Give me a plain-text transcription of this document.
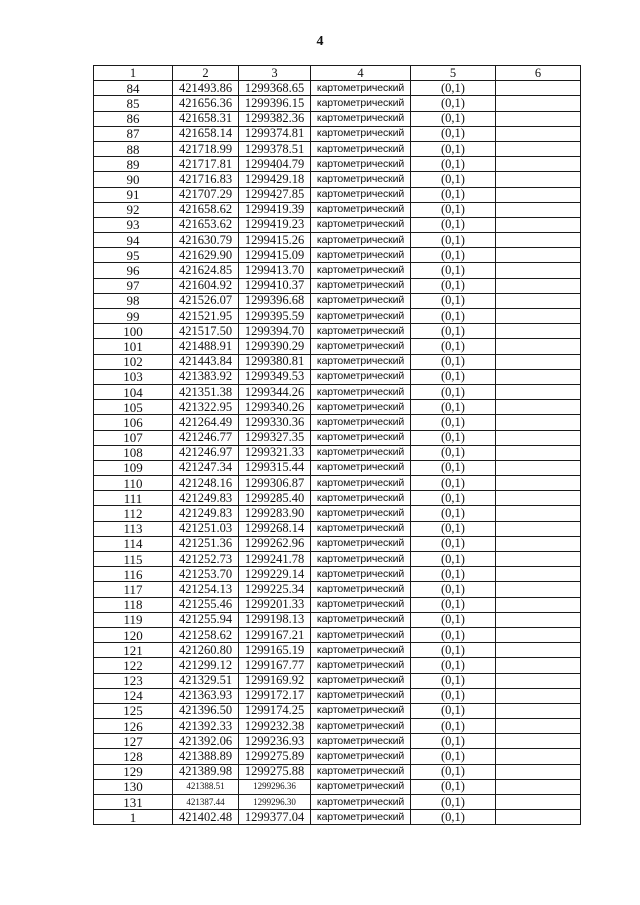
4
1	2	3	4	5	6
84	421493.86	1299368.65	картометрический	(0,1)	
85	421656.36	1299396.15	картометрический	(0,1)	
86	421658.31	1299382.36	картометрический	(0,1)	
87	421658.14	1299374.81	картометрический	(0,1)	
88	421718.99	1299378.51	картометрический	(0,1)	
89	421717.81	1299404.79	картометрический	(0,1)	
90	421716.83	1299429.18	картометрический	(0,1)	
91	421707.29	1299427.85	картометрический	(0,1)	
92	421658.62	1299419.39	картометрический	(0,1)	
93	421653.62	1299419.23	картометрический	(0,1)	
94	421630.79	1299415.26	картометрический	(0,1)	
95	421629.90	1299415.09	картометрический	(0,1)	
96	421624.85	1299413.70	картометрический	(0,1)	
97	421604.92	1299410.37	картометрический	(0,1)	
98	421526.07	1299396.68	картометрический	(0,1)	
99	421521.95	1299395.59	картометрический	(0,1)	
100	421517.50	1299394.70	картометрический	(0,1)	
101	421488.91	1299390.29	картометрический	(0,1)	
102	421443.84	1299380.81	картометрический	(0,1)	
103	421383.92	1299349.53	картометрический	(0,1)	
104	421351.38	1299344.26	картометрический	(0,1)	
105	421322.95	1299340.26	картометрический	(0,1)	
106	421264.49	1299330.36	картометрический	(0,1)	
107	421246.77	1299327.35	картометрический	(0,1)	
108	421246.97	1299321.33	картометрический	(0,1)	
109	421247.34	1299315.44	картометрический	(0,1)	
110	421248.16	1299306.87	картометрический	(0,1)	
111	421249.83	1299285.40	картометрический	(0,1)	
112	421249.83	1299283.90	картометрический	(0,1)	
113	421251.03	1299268.14	картометрический	(0,1)	
114	421251.36	1299262.96	картометрический	(0,1)	
115	421252.73	1299241.78	картометрический	(0,1)	
116	421253.70	1299229.14	картометрический	(0,1)	
117	421254.13	1299225.34	картометрический	(0,1)	
118	421255.46	1299201.33	картометрический	(0,1)	
119	421255.94	1299198.13	картометрический	(0,1)	
120	421258.62	1299167.21	картометрический	(0,1)	
121	421260.80	1299165.19	картометрический	(0,1)	
122	421299.12	1299167.77	картометрический	(0,1)	
123	421329.51	1299169.92	картометрический	(0,1)	
124	421363.93	1299172.17	картометрический	(0,1)	
125	421396.50	1299174.25	картометрический	(0,1)	
126	421392.33	1299232.38	картометрический	(0,1)	
127	421392.06	1299236.93	картометрический	(0,1)	
128	421388.89	1299275.89	картометрический	(0,1)	
129	421389.98	1299275.88	картометрический	(0,1)	
130	421388.51	1299296.36	картометрический	(0,1)	
131	421387.44	1299296.30	картометрический	(0,1)	
1	421402.48	1299377.04	картометрический	(0,1)	
